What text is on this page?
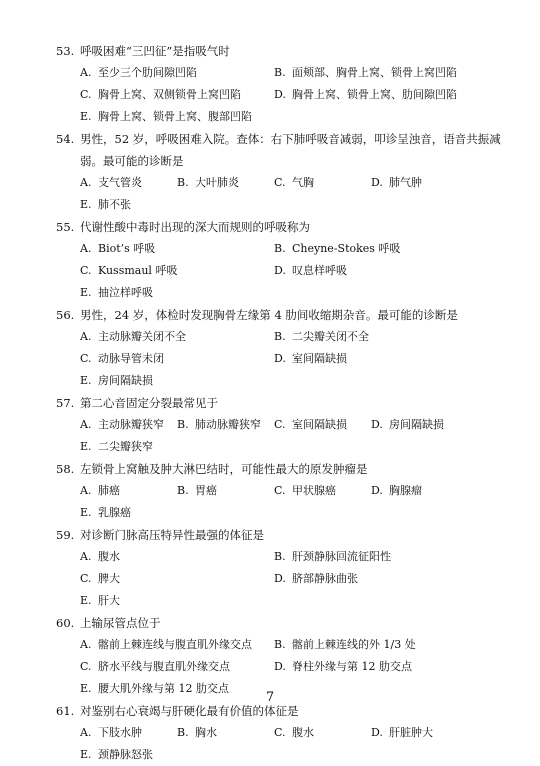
53. 呼吸困难“三凹征”是指吸气时
A. 至少三个肋间隙凹陷	B. 面颊部、胸骨上窝、锁骨上窝凹陷
C. 胸骨上窝、双侧锁骨上窝凹陷	D. 胸骨上窝、锁骨上窝、肋间隙凹陷
E. 胸骨上窝、锁骨上窝、腹部凹陷
54. 男性，52 岁，呼吸困难入院。查体：右下肺呼吸音减弱，叩诊呈浊音，语音共振减弱。最可能的诊断是
A. 支气管炎	B. 大叶肺炎	C. 气胸	D. 肺气肿
E. 肺不张
55. 代谢性酸中毒时出现的深大而规则的呼吸称为
A. Biot’s 呼吸	B. Cheyne-Stokes 呼吸
C. Kussmaul 呼吸	D. 叹息样呼吸
E. 抽泣样呼吸
56. 男性，24 岁，体检时发现胸骨左缘第 4 肋间收缩期杂音。最可能的诊断是
A. 主动脉瓣关闭不全	B. 二尖瓣关闭不全
C. 动脉导管未闭	D. 室间隔缺损
E. 房间隔缺损
57. 第二心音固定分裂最常见于
A. 主动脉瓣狭窄	B. 肺动脉瓣狭窄	C. 室间隔缺损	D. 房间隔缺损
E. 二尖瓣狭窄
58. 左锁骨上窝触及肿大淋巴结时，可能性最大的原发肿瘤是
A. 肺癌	B. 胃癌	C. 甲状腺癌	D. 胸腺瘤
E. 乳腺癌
59. 对诊断门脉高压特异性最强的体征是
A. 腹水	B. 肝颈静脉回流征阳性
C. 脾大	D. 脐部静脉曲张
E. 肝大
60. 上输尿管点位于
A. 髂前上棘连线与腹直肌外缘交点	B. 髂前上棘连线的外 1/3 处
C. 脐水平线与腹直肌外缘交点	D. 脊柱外缘与第 12 肋交点
E. 腰大肌外缘与第 12 肋交点
61. 对鉴别右心衰竭与肝硬化最有价值的体征是
A. 下肢水肿	B. 胸水	C. 腹水	D. 肝脏肿大
E. 颈静脉怒张
7
